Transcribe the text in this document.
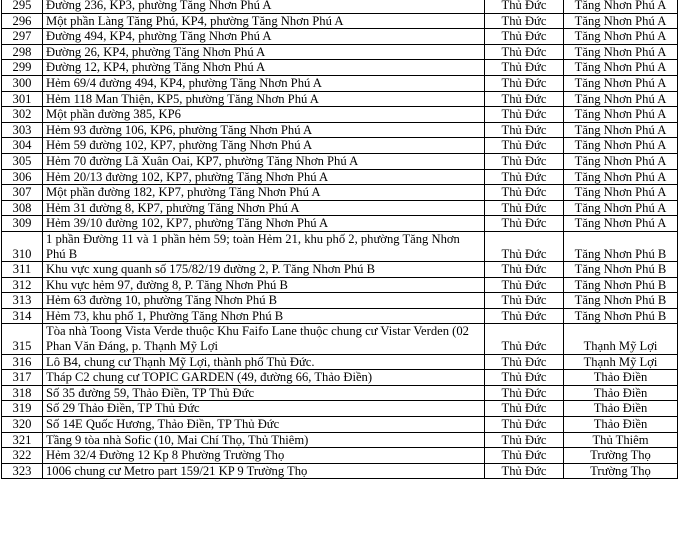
295	Đường 236, KP3, phường Tăng Nhơn Phú A	Thủ Đức	Tăng Nhơn Phú A
296	Một phần Làng Tăng Phú, KP4, phường Tăng Nhơn Phú A	Thủ Đức	Tăng Nhơn Phú A
297	Đường 494, KP4, phường Tăng Nhơn Phú A	Thủ Đức	Tăng Nhơn Phú A
298	Đường 26, KP4, phường Tăng Nhơn Phú A	Thủ Đức	Tăng Nhơn Phú A
299	Đường 12, KP4, phường Tăng Nhơn Phú A	Thủ Đức	Tăng Nhơn Phú A
300	Hẻm 69/4 đường 494, KP4, phường Tăng Nhơn Phú A	Thủ Đức	Tăng Nhơn Phú A
301	Hẻm 118 Man Thiện, KP5, phường Tăng Nhơn Phú A	Thủ Đức	Tăng Nhơn Phú A
302	Một phần đường 385, KP6	Thủ Đức	Tăng Nhơn Phú A
303	Hẻm 93 đường 106, KP6, phường Tăng Nhơn Phú A	Thủ Đức	Tăng Nhơn Phú A
304	Hẻm 59 đường 102, KP7, phường Tăng Nhơn Phú A	Thủ Đức	Tăng Nhơn Phú A
305	Hẻm 70 đường Lã Xuân Oai, KP7, phường Tăng Nhơn Phú A	Thủ Đức	Tăng Nhơn Phú A
306	Hẻm 20/13 đường 102, KP7, phường Tăng Nhơn Phú A	Thủ Đức	Tăng Nhơn Phú A
307	Một phần đường 182, KP7, phường Tăng Nhơn Phú A	Thủ Đức	Tăng Nhơn Phú A
308	Hẻm 31 đường 8, KP7, phường Tăng Nhơn Phú A	Thủ Đức	Tăng Nhơn Phú A
309	Hẻm 39/10 đường 102, KP7, phường Tăng Nhơn Phú A	Thủ Đức	Tăng Nhơn Phú A
310	1 phần Đường 11 và 1 phần hẻm 59; toàn Hẻm 21, khu phố 2, phường Tăng Nhơn Phú B	Thủ Đức	Tăng Nhơn Phú B
311	Khu vực xung quanh số 175/82/19 đường 2, P. Tăng Nhơn Phú B	Thủ Đức	Tăng Nhơn Phú B
312	Khu vực hẻm 97, đường 8, P. Tăng Nhơn Phú B	Thủ Đức	Tăng Nhơn Phú B
313	Hẻm 63 đường 10, phường Tăng Nhơn Phú B	Thủ Đức	Tăng Nhơn Phú B
314	Hẻm 73, khu phố 1, Phường Tăng Nhơn Phú B	Thủ Đức	Tăng Nhơn Phú B
315	Tòa nhà Toong Vista Verde thuộc Khu Faifo Lane thuộc chung cư Vistar Verden (02 Phan Văn Đáng, p. Thạnh Mỹ Lợi	Thủ Đức	Thạnh Mỹ Lợi
316	Lô B4, chung cư Thạnh Mỹ Lợi, thành phố Thủ Đức.	Thủ Đức	Thạnh Mỹ Lợi
317	Tháp C2 chung cư TOPIC GARDEN (49, đường 66, Thảo Điền)	Thủ Đức	Thảo Điền
318	Số 35 đường 59, Thảo Điền, TP Thủ Đức	Thủ Đức	Thảo Điền
319	Số 29 Thảo Điền, TP Thủ Đức	Thủ Đức	Thảo Điền
320	Số 14E Quốc Hương, Thảo Điền, TP Thủ Đức	Thủ Đức	Thảo Điền
321	Tầng 9 tòa nhà Sofic (10, Mai Chí Thọ, Thủ Thiêm)	Thủ Đức	Thủ Thiêm
322	Hẻm 32/4 Đường 12 Kp 8 Phường Trường Thọ	Thủ Đức	Trường Thọ
323	1006 chung cư Metro part 159/21 KP 9 Trường Thọ	Thủ Đức	Trường Thọ
